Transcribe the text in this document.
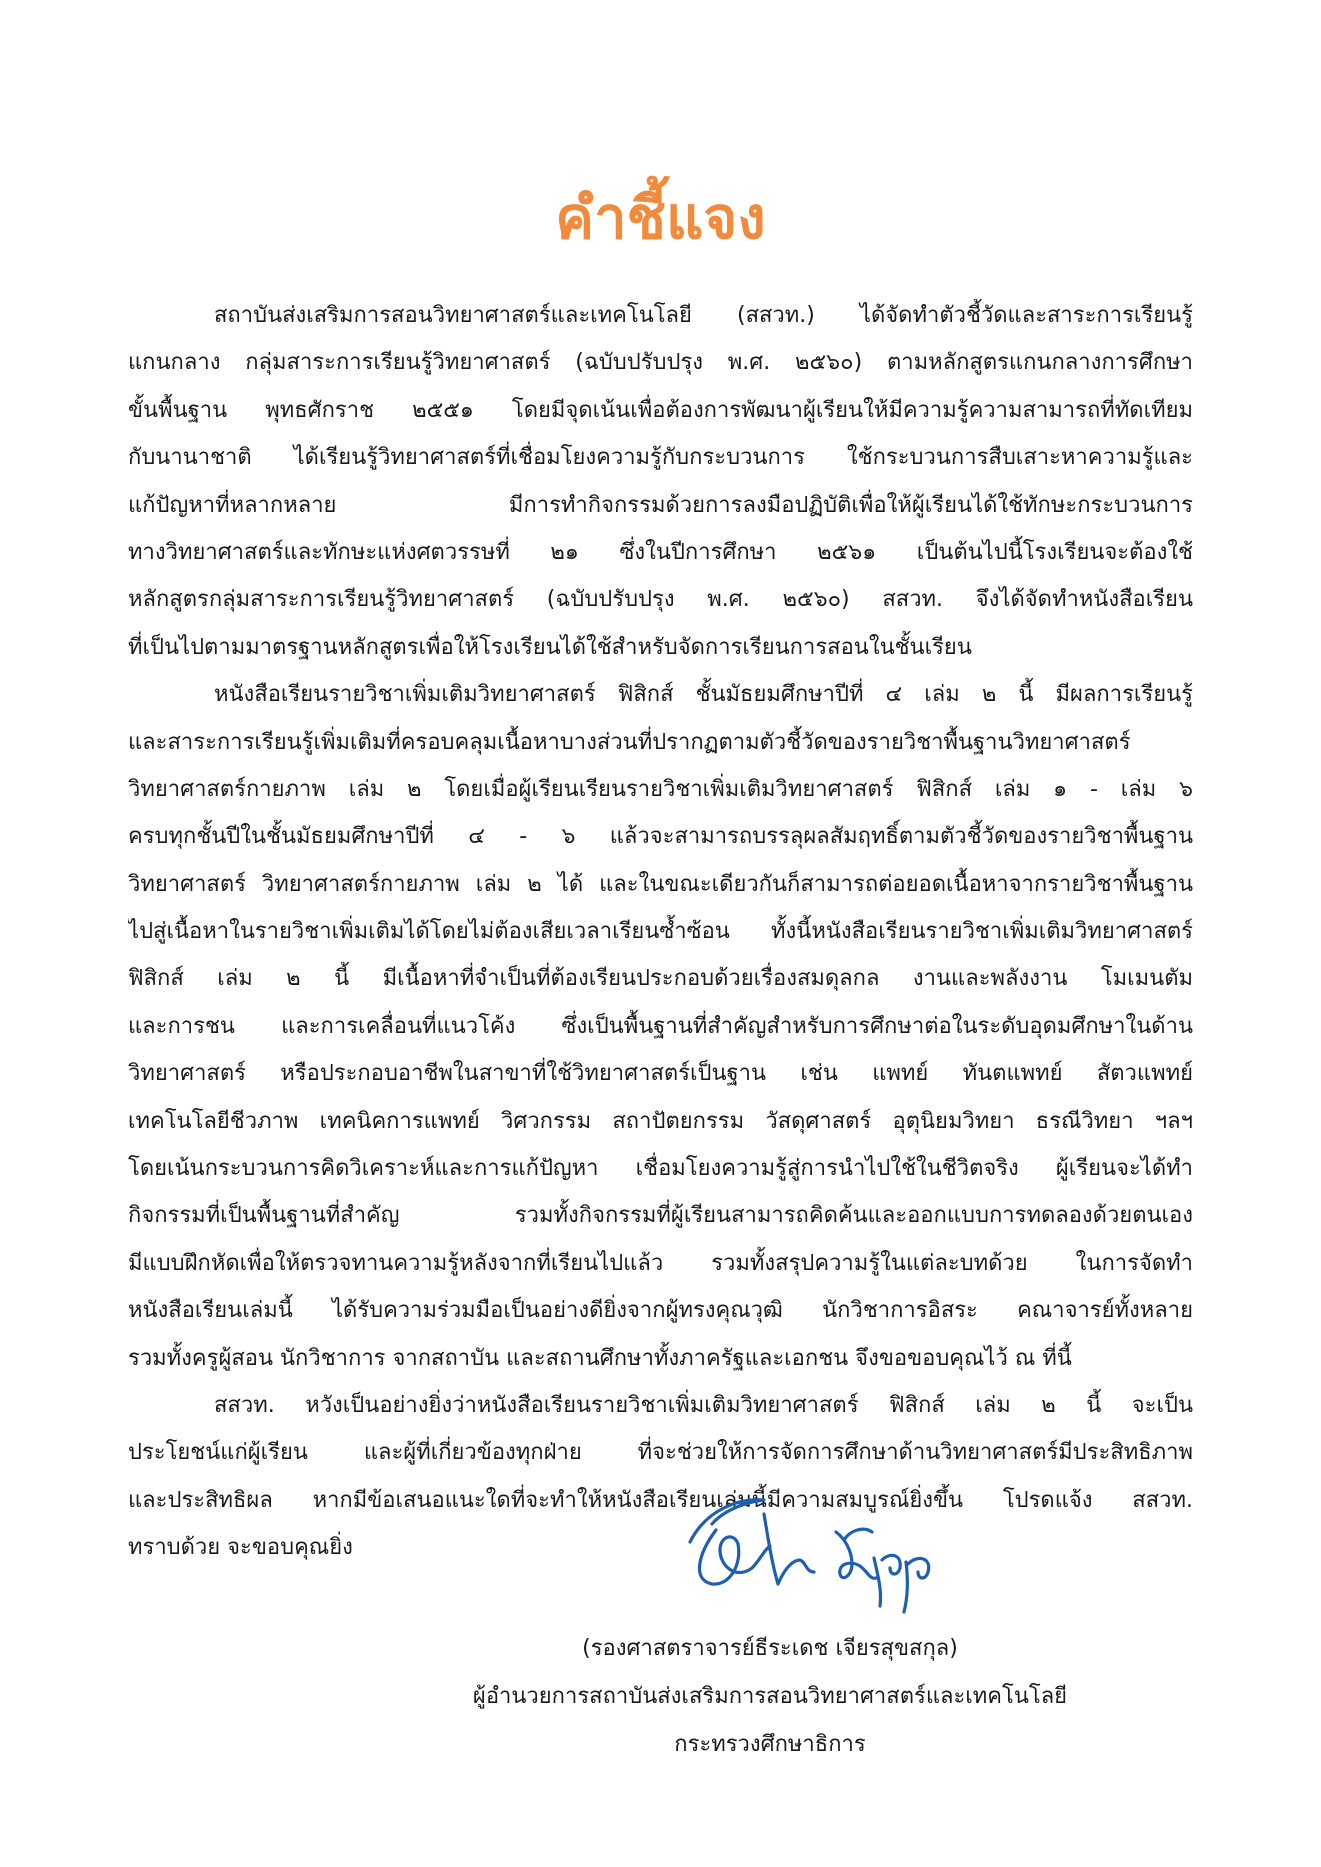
คำชี้แจง
สถาบันส่งเสริมการสอนวิทยาศาสตร์และเทคโนโลยี (สสวท.) ได้จัดทำตัวชี้วัดและสาระการเรียนรู้
แกนกลาง กลุ่มสาระการเรียนรู้วิทยาศาสตร์ (ฉบับปรับปรุง พ.ศ. ๒๕๖๐) ตามหลักสูตรแกนกลางการศึกษา
ขั้นพื้นฐาน พุทธศักราช ๒๕๕๑ โดยมีจุดเน้นเพื่อต้องการพัฒนาผู้เรียนให้มีความรู้ความสามารถที่ทัดเทียม
กับนานาชาติ ได้เรียนรู้วิทยาศาสตร์ที่เชื่อมโยงความรู้กับกระบวนการ ใช้กระบวนการสืบเสาะหาความรู้และ
แก้ปัญหาที่หลากหลาย มีการทำกิจกรรมด้วยการลงมือปฏิบัติเพื่อให้ผู้เรียนได้ใช้ทักษะกระบวนการ
ทางวิทยาศาสตร์และทักษะแห่งศตวรรษที่ ๒๑ ซึ่งในปีการศึกษา ๒๕๖๑ เป็นต้นไปนี้โรงเรียนจะต้องใช้
หลักสูตรกลุ่มสาระการเรียนรู้วิทยาศาสตร์ (ฉบับปรับปรุง พ.ศ. ๒๕๖๐) สสวท. จึงได้จัดทำหนังสือเรียน
ที่เป็นไปตามมาตรฐานหลักสูตรเพื่อให้โรงเรียนได้ใช้สำหรับจัดการเรียนการสอนในชั้นเรียน
หนังสือเรียนรายวิชาเพิ่มเติมวิทยาศาสตร์ ฟิสิกส์ ชั้นมัธยมศึกษาปีที่ ๔ เล่ม ๒ นี้ มีผลการเรียนรู้
และสาระการเรียนรู้เพิ่มเติมที่ครอบคลุมเนื้อหาบางส่วนที่ปรากฏตามตัวชี้วัดของรายวิชาพื้นฐานวิทยาศาสตร์
วิทยาศาสตร์กายภาพ เล่ม ๒ โดยเมื่อผู้เรียนเรียนรายวิชาเพิ่มเติมวิทยาศาสตร์ ฟิสิกส์ เล่ม ๑ - เล่ม ๖
ครบทุกชั้นปีในชั้นมัธยมศึกษาปีที่ ๔ - ๖ แล้วจะสามารถบรรลุผลสัมฤทธิ์ตามตัวชี้วัดของรายวิชาพื้นฐาน
วิทยาศาสตร์ วิทยาศาสตร์กายภาพ เล่ม ๒ ได้ และในขณะเดียวกันก็สามารถต่อยอดเนื้อหาจากรายวิชาพื้นฐาน
ไปสู่เนื้อหาในรายวิชาเพิ่มเติมได้โดยไม่ต้องเสียเวลาเรียนซ้ำซ้อน ทั้งนี้หนังสือเรียนรายวิชาเพิ่มเติมวิทยาศาสตร์
ฟิสิกส์ เล่ม ๒ นี้ มีเนื้อหาที่จำเป็นที่ต้องเรียนประกอบด้วยเรื่องสมดุลกล งานและพลังงาน โมเมนตัม
และการชน และการเคลื่อนที่แนวโค้ง ซึ่งเป็นพื้นฐานที่สำคัญสำหรับการศึกษาต่อในระดับอุดมศึกษาในด้าน
วิทยาศาสตร์ หรือประกอบอาชีพในสาขาที่ใช้วิทยาศาสตร์เป็นฐาน เช่น แพทย์ ทันตแพทย์ สัตวแพทย์
เทคโนโลยีชีวภาพ เทคนิคการแพทย์ วิศวกรรม สถาปัตยกรรม วัสดุศาสตร์ อุตุนิยมวิทยา ธรณีวิทยา ฯลฯ
โดยเน้นกระบวนการคิดวิเคราะห์และการแก้ปัญหา เชื่อมโยงความรู้สู่การนำไปใช้ในชีวิตจริง ผู้เรียนจะได้ทำ
กิจกรรมที่เป็นพื้นฐานที่สำคัญ รวมทั้งกิจกรรมที่ผู้เรียนสามารถคิดค้นและออกแบบการทดลองด้วยตนเอง
มีแบบฝึกหัดเพื่อให้ตรวจทานความรู้หลังจากที่เรียนไปแล้ว รวมทั้งสรุปความรู้ในแต่ละบทด้วย ในการจัดทำ
หนังสือเรียนเล่มนี้ ได้รับความร่วมมือเป็นอย่างดียิ่งจากผู้ทรงคุณวุฒิ นักวิชาการอิสระ คณาจารย์ทั้งหลาย
รวมทั้งครูผู้สอน นักวิชาการ จากสถาบัน และสถานศึกษาทั้งภาครัฐและเอกชน จึงขอขอบคุณไว้ ณ ที่นี้
สสวท. หวังเป็นอย่างยิ่งว่าหนังสือเรียนรายวิชาเพิ่มเติมวิทยาศาสตร์ ฟิสิกส์ เล่ม ๒ นี้ จะเป็น
ประโยชน์แก่ผู้เรียน และผู้ที่เกี่ยวข้องทุกฝ่าย ที่จะช่วยให้การจัดการศึกษาด้านวิทยาศาสตร์มีประสิทธิภาพ
และประสิทธิผล หากมีข้อเสนอแนะใดที่จะทำให้หนังสือเรียนเล่มนี้มีความสมบูรณ์ยิ่งขึ้น โปรดแจ้ง สสวท.
ทราบด้วย จะขอบคุณยิ่ง
(รองศาสตราจารย์ธีระเดช เจียรสุขสกุล)
ผู้อำนวยการสถาบันส่งเสริมการสอนวิทยาศาสตร์และเทคโนโลยี
กระทรวงศึกษาธิการ
